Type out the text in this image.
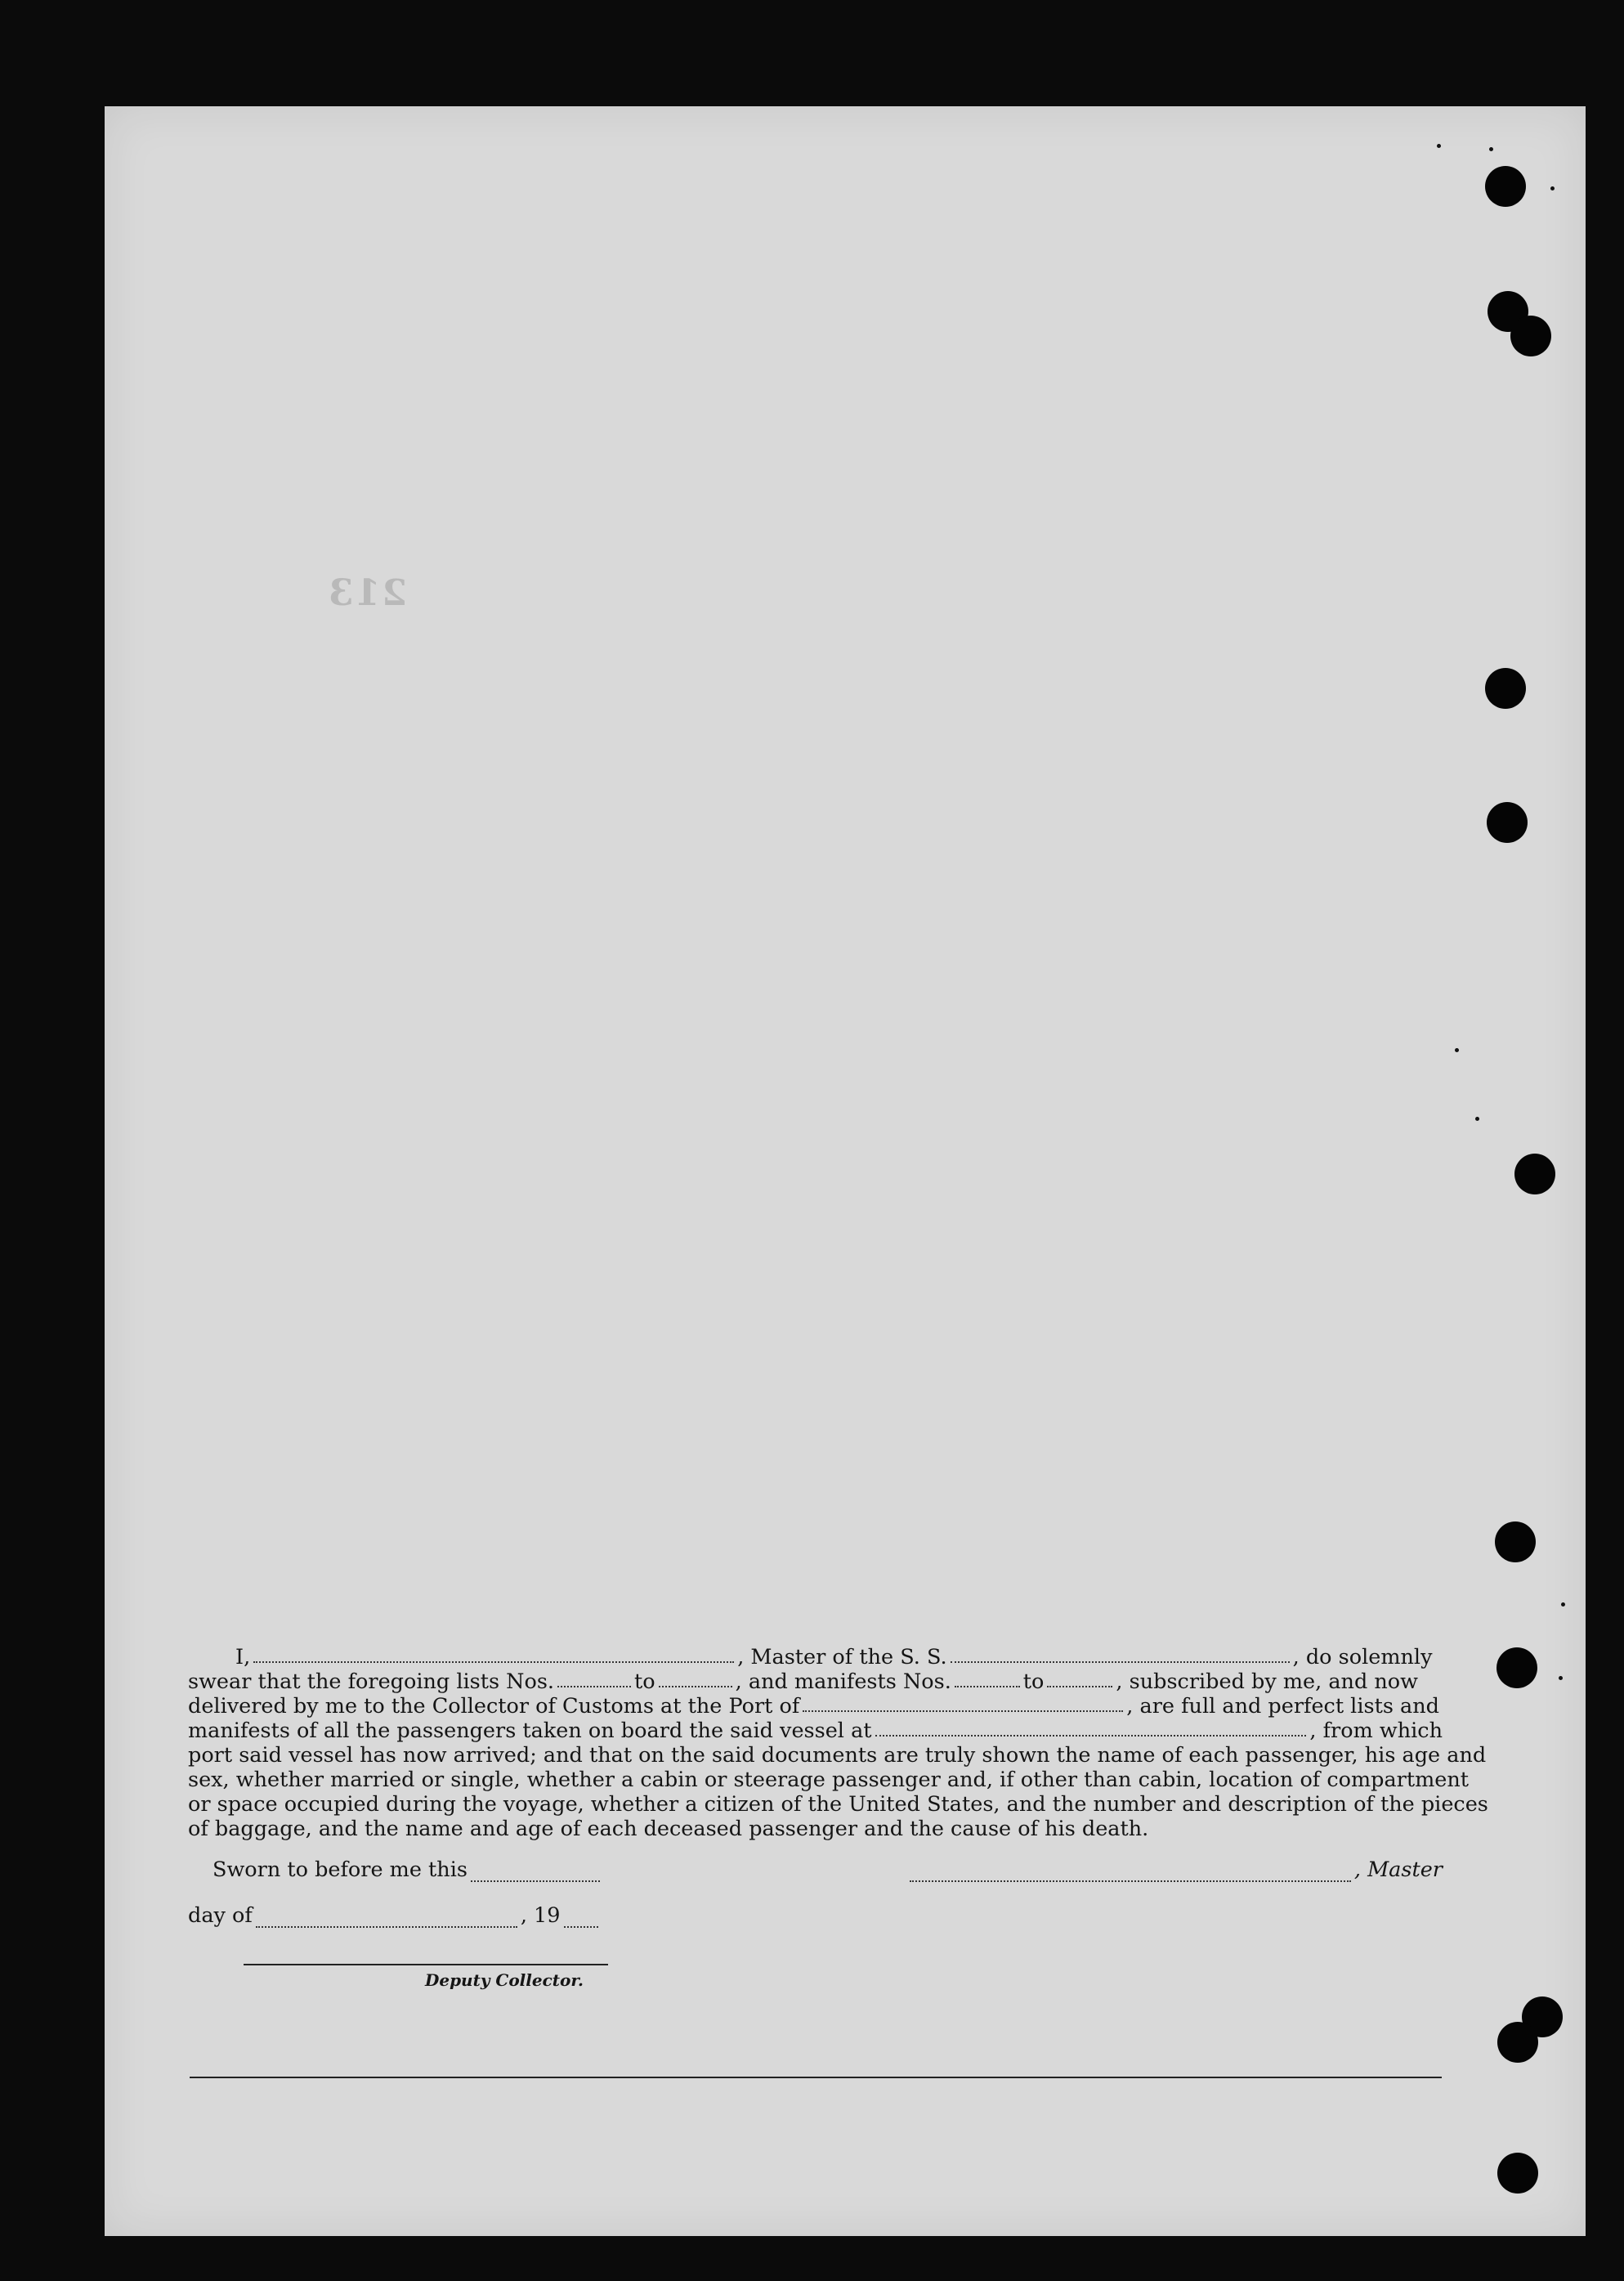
213
I,	, Master of the S. S.	, do solemnly
swear that the foregoing lists Nos.	to	, and manifests Nos.	to	, subscribed by me, and now
delivered by me to the Collector of Customs at the Port of	, are full and perfect lists and
manifests of all the passengers taken on board the said vessel at	, from which
port said vessel has now arrived; and that on the said documents are truly shown the name of each passenger, his age and
sex, whether married or single, whether a cabin or steerage passenger and, if other than cabin, location of compartment
or space occupied during the voyage, whether a citizen of the United States, and the number and description of the pieces
of baggage, and the name and age of each deceased passenger and the cause of his death.
Sworn to before me this	, Master
day of	, 19
Deputy Collector.
